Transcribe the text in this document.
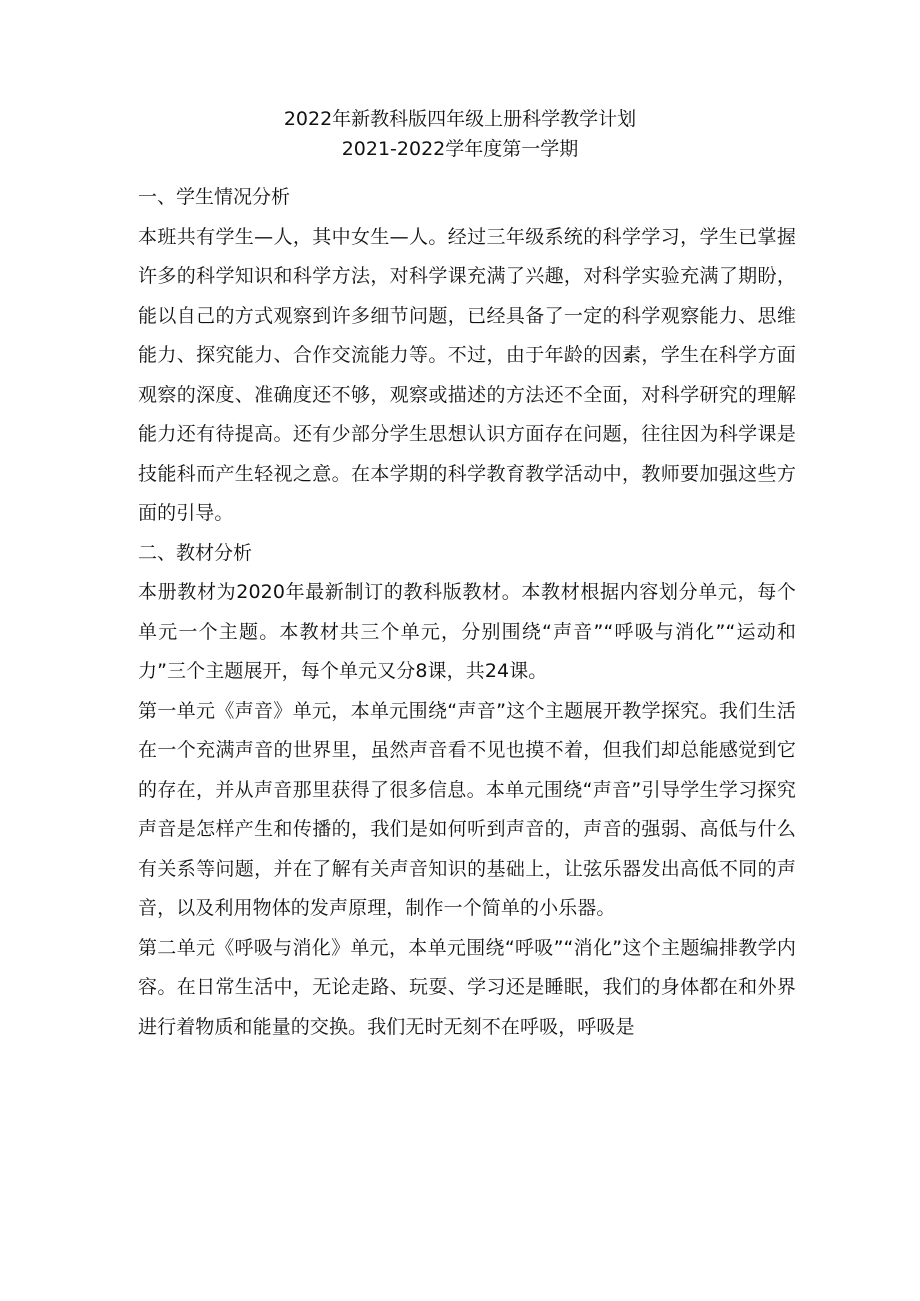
2022年新教科版四年级上册科学教学计划
2021-2022学年度第一学期

一、学生情况分析

本班共有学生—人，其中女生—人。经过三年级系统的科学学习，学生已掌握许多的科学知识和科学方法，对科学课充满了兴趣，对科学实验充满了期盼，能以自己的方式观察到许多细节问题，已经具备了一定的科学观察能力、思维能力、探究能力、合作交流能力等。不过，由于年龄的因素，学生在科学方面观察的深度、准确度还不够，观察或描述的方法还不全面，对科学研究的理解能力还有待提高。还有少部分学生思想认识方面存在问题，往往因为科学课是技能科而产生轻视之意。在本学期的科学教育教学活动中，教师要加强这些方面的引导。

二、教材分析

本册教材为2020年最新制订的教科版教材。本教材根据内容划分单元，每个单元一个主题。本教材共三个单元，分别围绕“声音”“呼吸与消化”“运动和力”三个主题展开，每个单元又分8课，共24课。

第一单元《声音》单元，本单元围绕“声音”这个主题展开教学探究。我们生活在一个充满声音的世界里，虽然声音看不见也摸不着，但我们却总能感觉到它的存在，并从声音那里获得了很多信息。本单元围绕“声音”引导学生学习探究声音是怎样产生和传播的，我们是如何听到声音的，声音的强弱、高低与什么有关系等问题，并在了解有关声音知识的基础上，让弦乐器发出高低不同的声音，以及利用物体的发声原理，制作一个简单的小乐器。

第二单元《呼吸与消化》单元，本单元围绕“呼吸”“消化”这个主题编排教学内容。在日常生活中，无论走路、玩耍、学习还是睡眠，我们的身体都在和外界进行着物质和能量的交换。我们无时无刻不在呼吸，呼吸是
